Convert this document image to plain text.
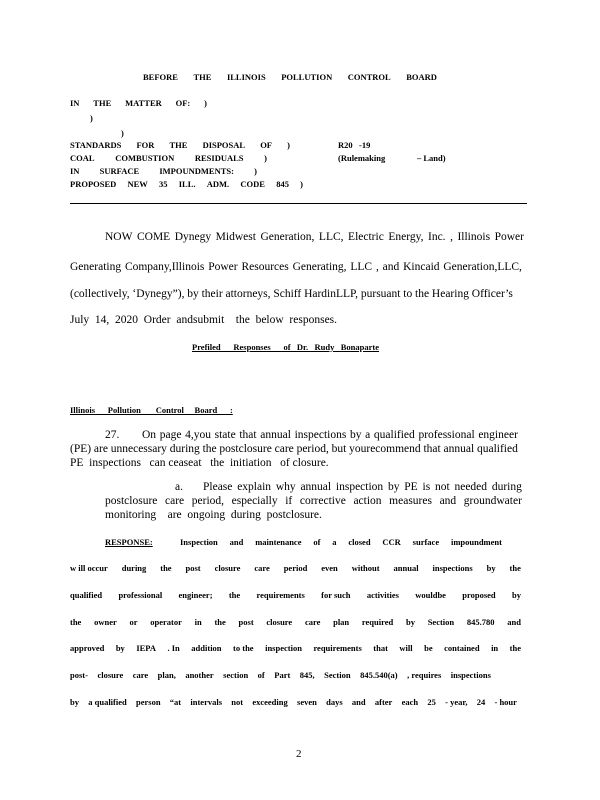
BEFORE THE ILLINOIS POLLUTION CONTROL BOARD
IN THE MATTER OF: )
)
)
STANDARDS FOR THE DISPOSAL OF )
COAL COMBUSTION RESIDUALS )
IN SURFACE IMPOUNDMENTS: )
PROPOSED NEW 35 ILL. ADM. CODE 845 )
R20   -19
(Rulemaking	– Land)
NOW COME Dynegy Midwest Generation, LLC, Electric Energy, Inc. , Illinois Power
Generating Company,Illinois Power Resources Generating, LLC , and Kincaid Generation,LLC,
(collectively, ‘Dynegy”), by their attorneys, Schiff HardinLLP, pursuant to the Hearing Officer’s
July  14,  2020  Order  andsubmit    the  below  responses.
Prefiled      Responses      of   Dr.   Rudy   Bonaparte
Illinois      Pollution       Control     Board      :
27. On page 4,you state that annual inspections by a qualified professional engineer
(PE) are unnecessary during the postclosure care period, but yourecommend that annual qualified
PE  inspections   can ceaseat   the  initiation   of closure.
a. Please explain why annual inspection by PE is not needed during
postclosure care period, especially if corrective action measures and groundwater
monitoring    are  ongoing  during  postclosure.
RESPONSE:	Inspection and maintenance of a closed CCR surface impoundment
w ill occur during the post closure care period even without annual inspections by the
qualified professional engineer; the requirements for such activities wouldbe proposed by
the owner or operator in the post closure care plan required by Section 845.780 and
approved by IEPA . In addition to the inspection requirements that will be contained in the
post- closure care plan, another section of Part 845, Section 845.540(a) , requires inspections
by a qualified person “at intervals not exceeding seven days and after each 25 - year, 24 - hour
2
